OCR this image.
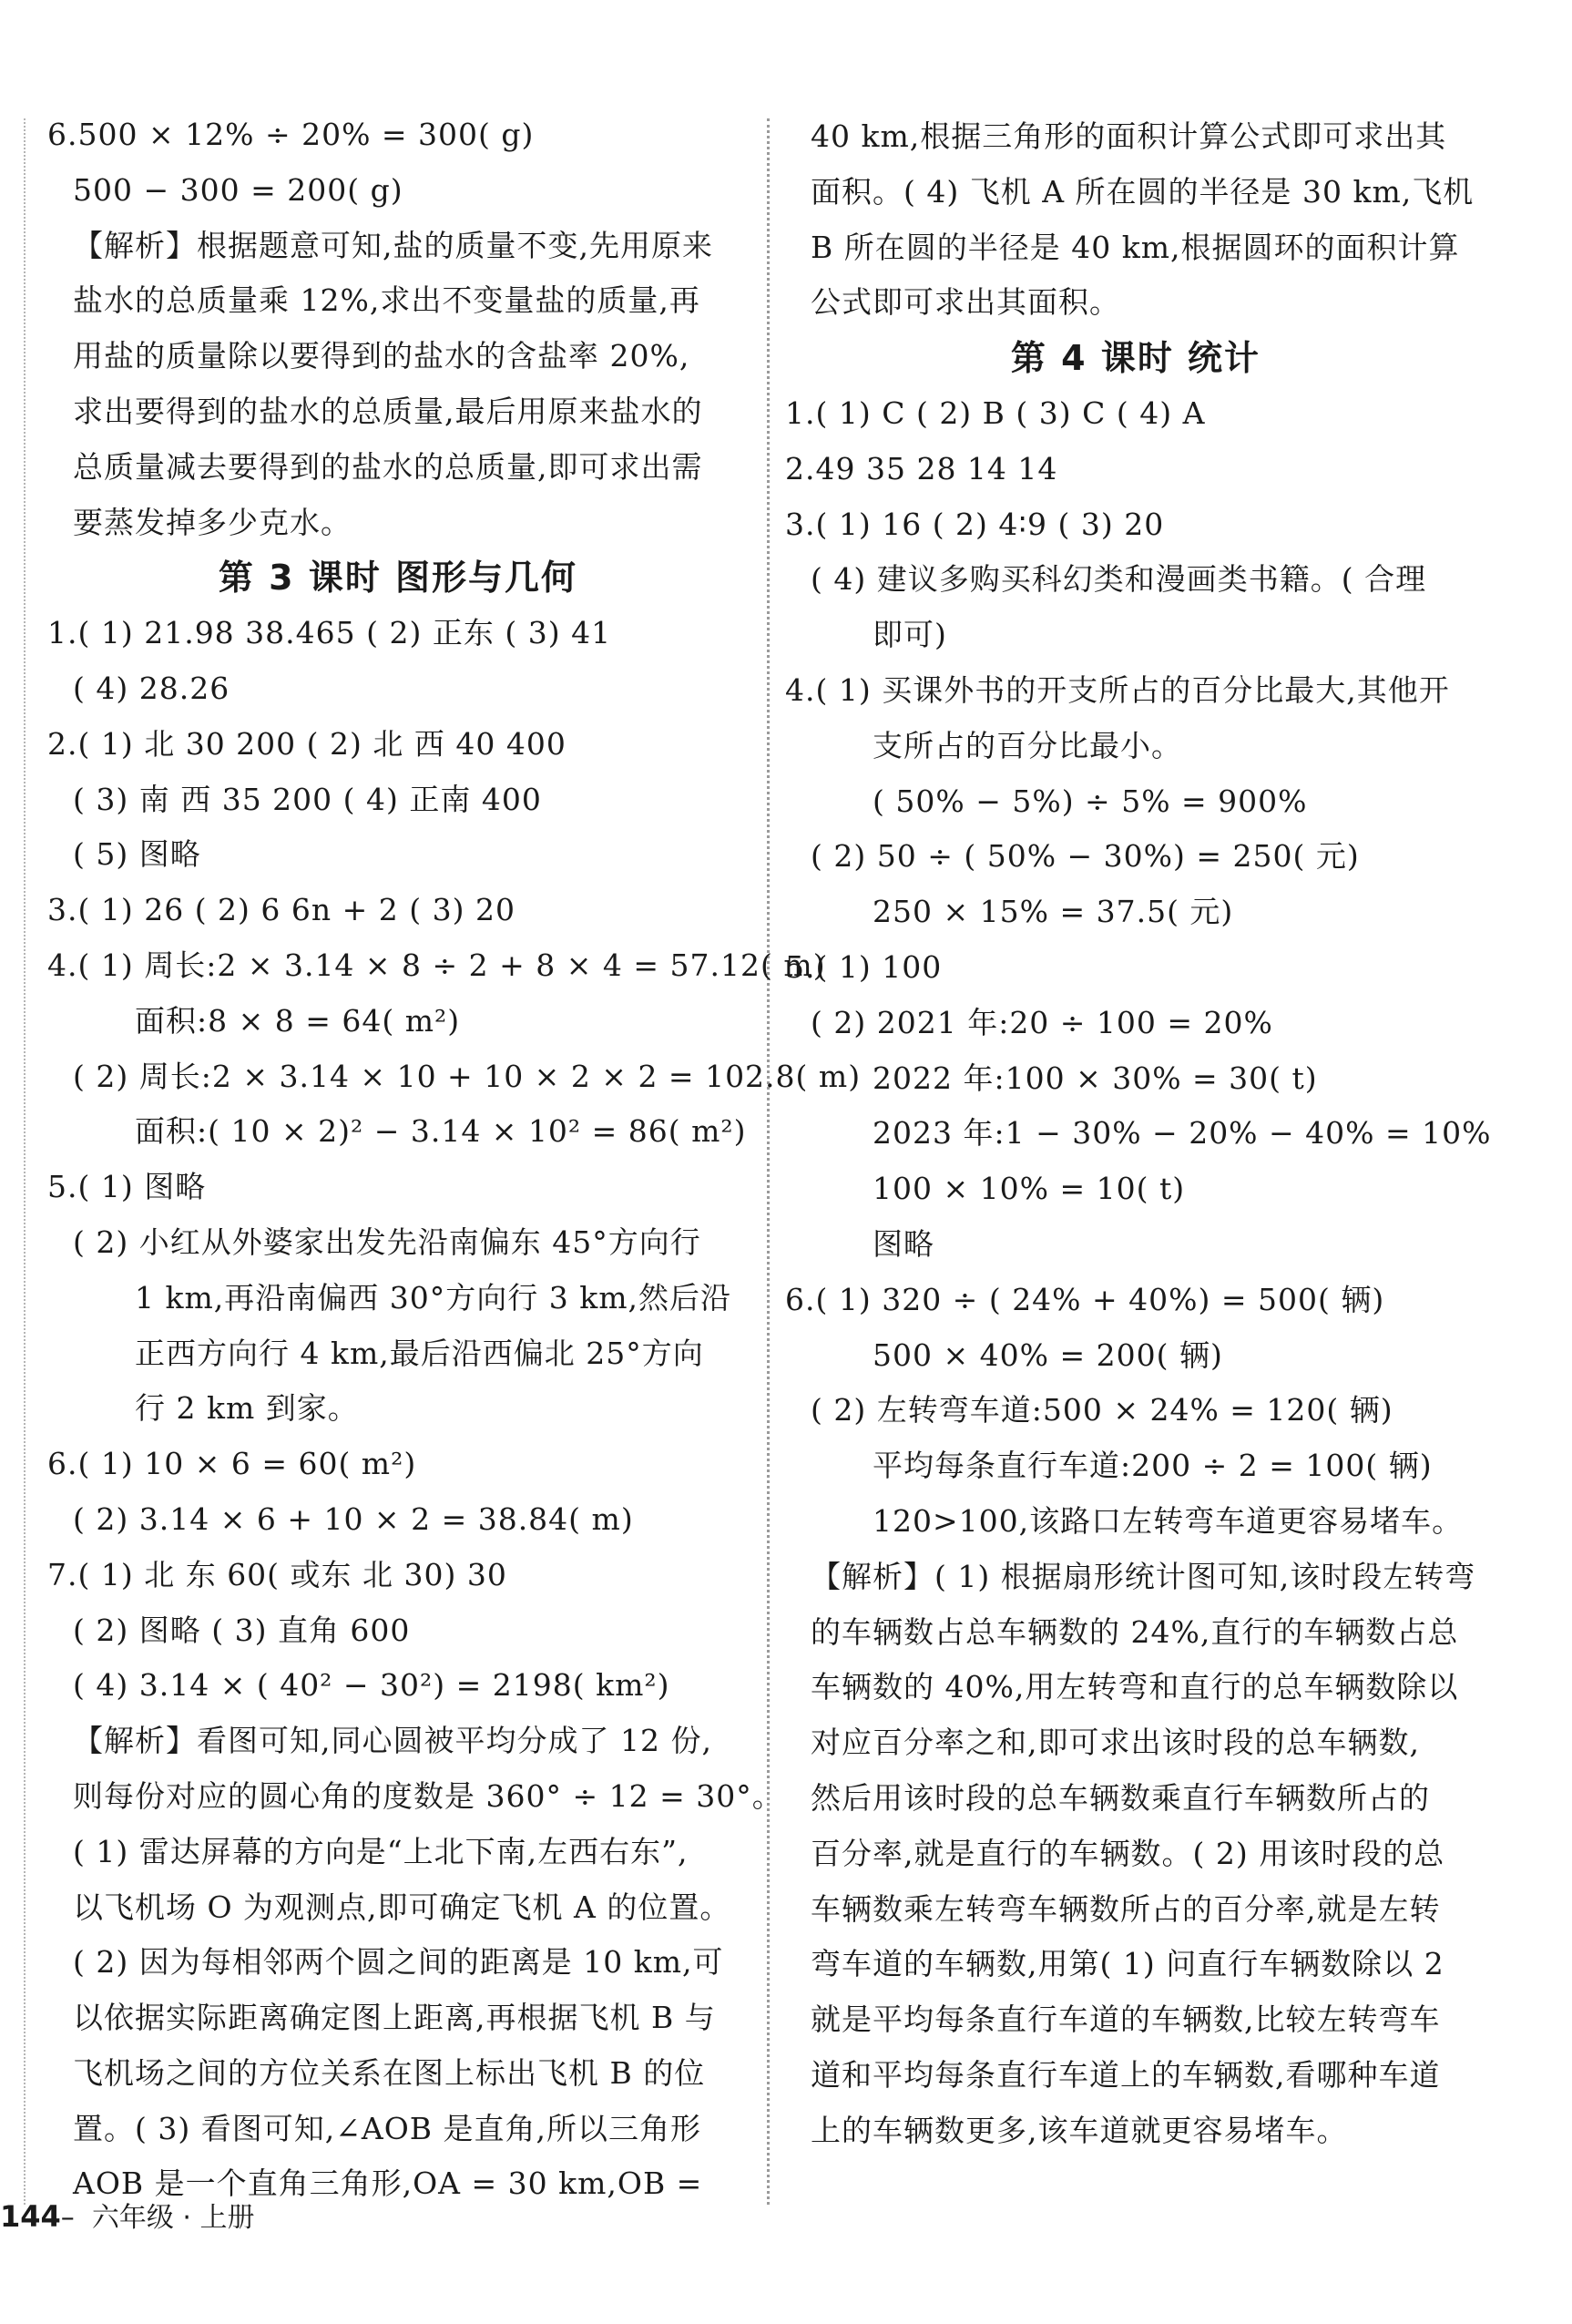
6.500 × 12% ÷ 20% = 300( g)
500 − 300 = 200( g)
【解析】根据题意可知,盐的质量不变,先用原来
盐水的总质量乘 12%,求出不变量盐的质量,再
用盐的质量除以要得到的盐水的含盐率 20%,
求出要得到的盐水的总质量,最后用原来盐水的
总质量减去要得到的盐水的总质量,即可求出需
要蒸发掉多少克水。
第 3 课时 图形与几何
1.( 1) 21.98 38.465 ( 2) 正东 ( 3) 41
( 4) 28.26
2.( 1) 北 30 200 ( 2) 北 西 40 400
( 3) 南 西 35 200 ( 4) 正南 400
( 5) 图略
3.( 1) 26 ( 2) 6 6n + 2 ( 3) 20
4.( 1) 周长:2 × 3.14 × 8 ÷ 2 + 8 × 4 = 57.12( m)
面积:8 × 8 = 64( m²)
( 2) 周长:2 × 3.14 × 10 + 10 × 2 × 2 = 102.8( m)
面积:( 10 × 2)² − 3.14 × 10² = 86( m²)
5.( 1) 图略
( 2) 小红从外婆家出发先沿南偏东 45°方向行
1 km,再沿南偏西 30°方向行 3 km,然后沿
正西方向行 4 km,最后沿西偏北 25°方向
行 2 km 到家。
6.( 1) 10 × 6 = 60( m²)
( 2) 3.14 × 6 + 10 × 2 = 38.84( m)
7.( 1) 北 东 60( 或东 北 30) 30
( 2) 图略 ( 3) 直角 600
( 4) 3.14 × ( 40² − 30²) = 2198( km²)
【解析】看图可知,同心圆被平均分成了 12 份,
则每份对应的圆心角的度数是 360° ÷ 12 = 30°。
( 1) 雷达屏幕的方向是“上北下南,左西右东”,
以飞机场 O 为观测点,即可确定飞机 A 的位置。
( 2) 因为每相邻两个圆之间的距离是 10 km,可
以依据实际距离确定图上距离,再根据飞机 B 与
飞机场之间的方位关系在图上标出飞机 B 的位
置。( 3) 看图可知,∠AOB 是直角,所以三角形
AOB 是一个直角三角形,OA = 30 km,OB =
40 km,根据三角形的面积计算公式即可求出其
面积。( 4) 飞机 A 所在圆的半径是 30 km,飞机
B 所在圆的半径是 40 km,根据圆环的面积计算
公式即可求出其面积。
第 4 课时 统计
1.( 1) C ( 2) B ( 3) C ( 4) A
2.49 35 28 14 14
3.( 1) 16 ( 2) 4∶9 ( 3) 20
( 4) 建议多购买科幻类和漫画类书籍。( 合理
即可)
4.( 1) 买课外书的开支所占的百分比最大,其他开
支所占的百分比最小。
( 50% − 5%) ÷ 5% = 900%
( 2) 50 ÷ ( 50% − 30%) = 250( 元)
250 × 15% = 37.5( 元)
5.( 1) 100
( 2) 2021 年:20 ÷ 100 = 20%
2022 年:100 × 30% = 30( t)
2023 年:1 − 30% − 20% − 40% = 10%
100 × 10% = 10( t)
图略
6.( 1) 320 ÷ ( 24% + 40%) = 500( 辆)
500 × 40% = 200( 辆)
( 2) 左转弯车道:500 × 24% = 120( 辆)
平均每条直行车道:200 ÷ 2 = 100( 辆)
120>100,该路口左转弯车道更容易堵车。
【解析】( 1) 根据扇形统计图可知,该时段左转弯
的车辆数占总车辆数的 24%,直行的车辆数占总
车辆数的 40%,用左转弯和直行的总车辆数除以
对应百分率之和,即可求出该时段的总车辆数,
然后用该时段的总车辆数乘直行车辆数所占的
百分率,就是直行的车辆数。( 2) 用该时段的总
车辆数乘左转弯车辆数所占的百分率,就是左转
弯车道的车辆数,用第( 1) 问直行车辆数除以 2
就是平均每条直行车道的车辆数,比较左转弯车
道和平均每条直行车道上的车辆数,看哪种车道
上的车辆数更多,该车道就更容易堵车。
144– 六年级 · 上册
